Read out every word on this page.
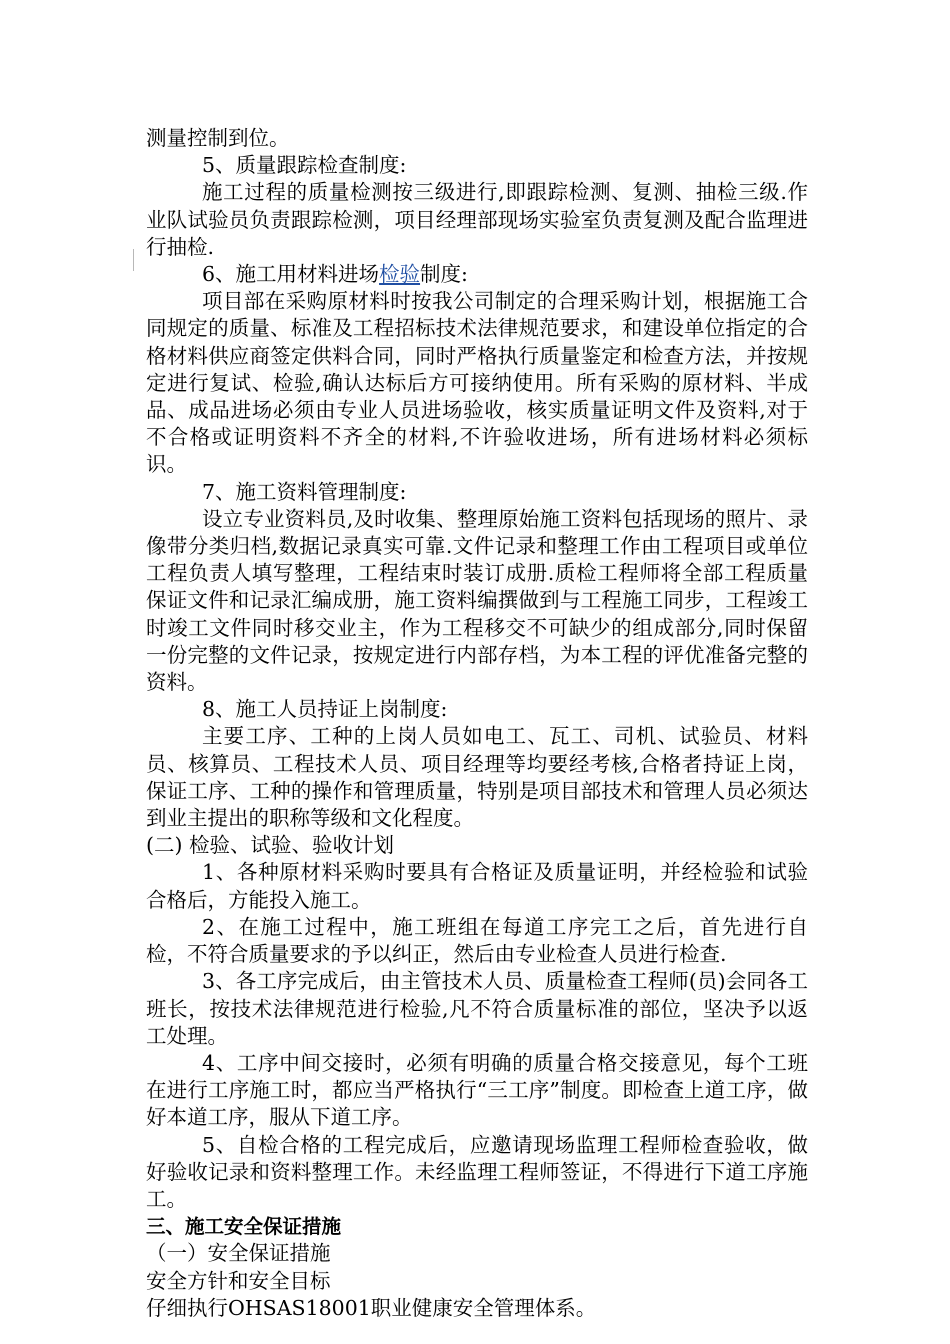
测量控制到位。

5、质量跟踪检查制度:

施工过程的质量检测按三级进行,即跟踪检测、复测、抽检三级.作业队试验员负责跟踪检测，项目经理部现场实验室负责复测及配合监理进行抽检.

6、施工用材料进场检验制度:

项目部在采购原材料时按我公司制定的合理采购计划，根据施工合同规定的质量、标准及工程招标技术法律规范要求，和建设单位指定的合格材料供应商签定供料合同，同时严格执行质量鉴定和检查方法，并按规定进行复试、检验,确认达标后方可接纳使用。所有采购的原材料、半成品、成品进场必须由专业人员进场验收，核实质量证明文件及资料,对于不合格或证明资料不齐全的材料,不许验收进场，所有进场材料必须标识。

7、施工资料管理制度:

设立专业资料员,及时收集、整理原始施工资料包括现场的照片、录像带分类归档,数据记录真实可靠.文件记录和整理工作由工程项目或单位工程负责人填写整理，工程结束时装订成册.质检工程师将全部工程质量保证文件和记录汇编成册，施工资料编撰做到与工程施工同步，工程竣工时竣工文件同时移交业主，作为工程移交不可缺少的组成部分,同时保留一份完整的文件记录，按规定进行内部存档，为本工程的评优准备完整的资料。

8、施工人员持证上岗制度:

主要工序、工种的上岗人员如电工、瓦工、司机、试验员、材料员、核算员、工程技术人员、项目经理等均要经考核,合格者持证上岗，保证工序、工种的操作和管理质量，特别是项目部技术和管理人员必须达到业主提出的职称等级和文化程度。

(二) 检验、试验、验收计划

1、各种原材料采购时要具有合格证及质量证明，并经检验和试验合格后，方能投入施工。

2、在施工过程中，施工班组在每道工序完工之后，首先进行自检，不符合质量要求的予以纠正，然后由专业检查人员进行检查.

3、各工序完成后，由主管技术人员、质量检查工程师(员)会同各工班长，按技术法律规范进行检验,凡不符合质量标准的部位，坚决予以返工处理。

4、工序中间交接时，必须有明确的质量合格交接意见，每个工班在进行工序施工时，都应当严格执行“三工序”制度。即检查上道工序，做好本道工序，服从下道工序。

5、自检合格的工程完成后，应邀请现场监理工程师检查验收，做好验收记录和资料整理工作。未经监理工程师签证，不得进行下道工序施工。

三、施工安全保证措施

（一）安全保证措施

安全方针和安全目标

仔细执行OHSAS18001职业健康安全管理体系。
